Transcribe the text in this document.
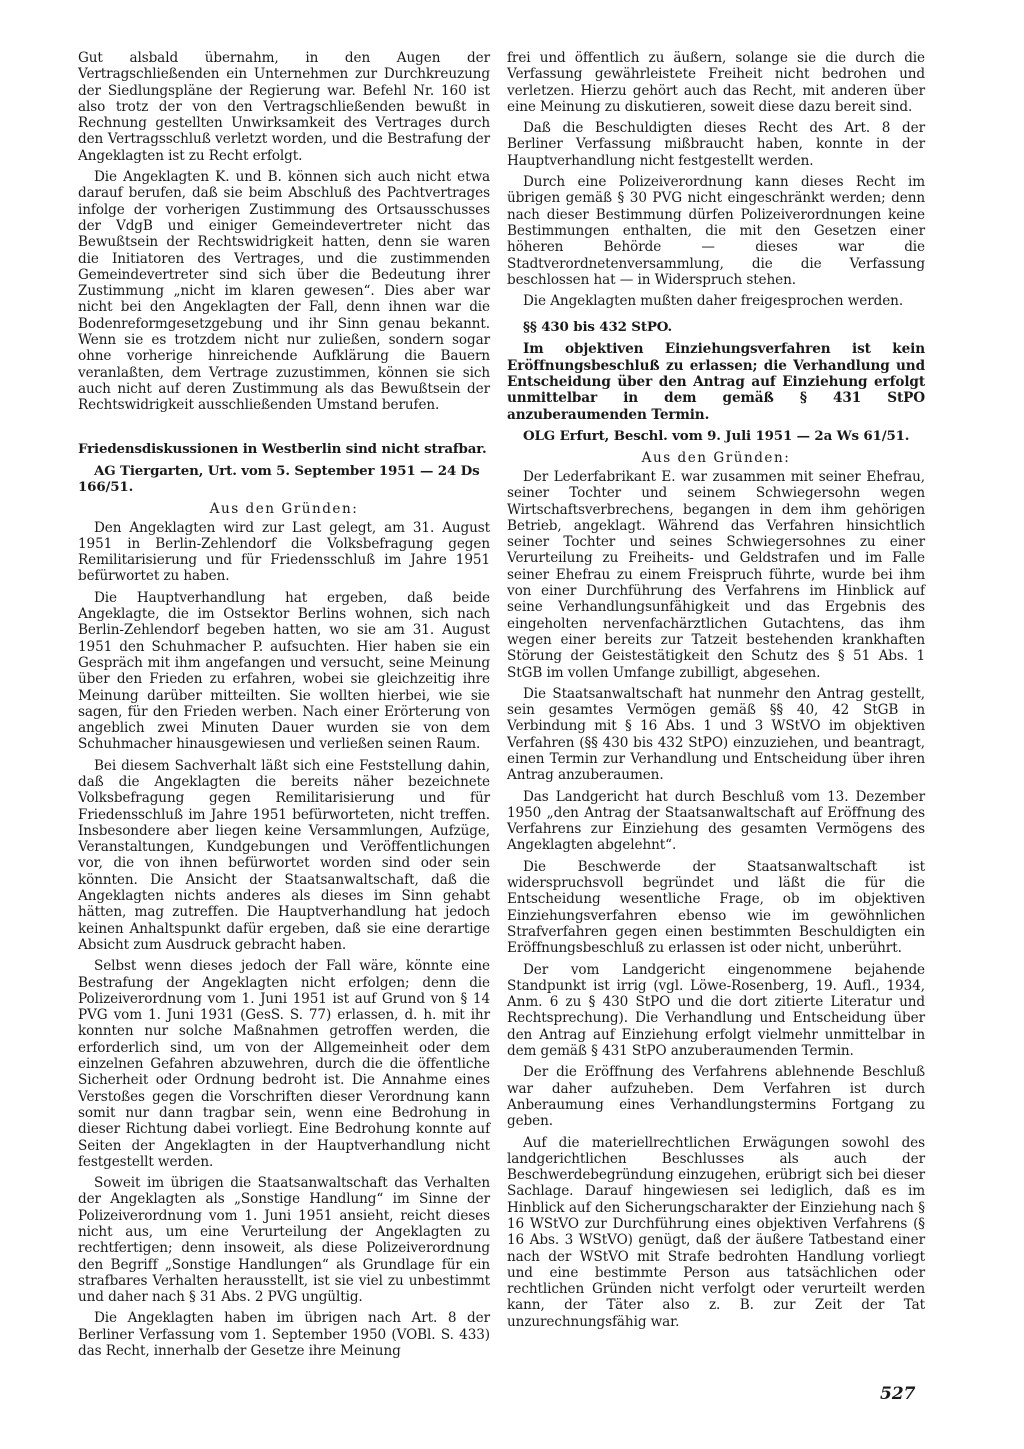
Gut alsbald übernahm, in den Augen der Vertragschließenden ein Unternehmen zur Durchkreuzung der Siedlungspläne der Regierung war. Befehl Nr. 160 ist also trotz der von den Vertragschließenden bewußt in Rechnung gestellten Unwirksamkeit des Vertrages durch den Vertragsschluß verletzt worden, und die Bestrafung der Angeklagten ist zu Recht erfolgt.

Die Angeklagten K. und B. können sich auch nicht etwa darauf berufen, daß sie beim Abschluß des Pachtvertrages infolge der vorherigen Zustimmung des Ortsausschusses der VdgB und einiger Gemeindevertreter nicht das Bewußtsein der Rechtswidrigkeit hatten, denn sie waren die Initiatoren des Vertrages, und die zustimmenden Gemeindevertreter sind sich über die Bedeutung ihrer Zustimmung „nicht im klaren gewesen“. Dies aber war nicht bei den Angeklagten der Fall, denn ihnen war die Bodenreformgesetzgebung und ihr Sinn genau bekannt. Wenn sie es trotzdem nicht nur zuließen, sondern sogar ohne vorherige hinreichende Aufklärung die Bauern veranlaßten, dem Vertrage zuzustimmen, können sie sich auch nicht auf deren Zustimmung als das Bewußtsein der Rechtswidrigkeit ausschließenden Umstand berufen.

Friedensdiskussionen in Westberlin sind nicht strafbar.
AG Tiergarten, Urt. vom 5. September 1951 — 24 Ds 166/51.
Aus den Gründen:

Den Angeklagten wird zur Last gelegt, am 31. August 1951 in Berlin-Zehlendorf die Volksbefragung gegen Remilitarisierung und für Friedensschluß im Jahre 1951 befürwortet zu haben.

Die Hauptverhandlung hat ergeben, daß beide Angeklagte, die im Ostsektor Berlins wohnen, sich nach Berlin-Zehlendorf begeben hatten, wo sie am 31. August 1951 den Schuhmacher P. aufsuchten. Hier haben sie ein Gespräch mit ihm angefangen und versucht, seine Meinung über den Frieden zu erfahren, wobei sie gleichzeitig ihre Meinung darüber mitteilten. Sie wollten hierbei, wie sie sagen, für den Frieden werben. Nach einer Erörterung von angeblich zwei Minuten Dauer wurden sie von dem Schuhmacher hinausgewiesen und verließen seinen Raum.

Bei diesem Sachverhalt läßt sich eine Feststellung dahin, daß die Angeklagten die bereits näher bezeichnete Volksbefragung gegen Remilitarisierung und für Friedensschluß im Jahre 1951 befürworteten, nicht treffen. Insbesondere aber liegen keine Versammlungen, Aufzüge, Veranstaltungen, Kundgebungen und Veröffentlichungen vor, die von ihnen befürwortet worden sind oder sein könnten. Die Ansicht der Staatsanwaltschaft, daß die Angeklagten nichts anderes als dieses im Sinn gehabt hätten, mag zutreffen. Die Hauptverhandlung hat jedoch keinen Anhaltspunkt dafür ergeben, daß sie eine derartige Absicht zum Ausdruck gebracht haben.

Selbst wenn dieses jedoch der Fall wäre, könnte eine Bestrafung der Angeklagten nicht erfolgen; denn die Polizeiverordnung vom 1. Juni 1951 ist auf Grund von § 14 PVG vom 1. Juni 1931 (GesS. S. 77) erlassen, d. h. mit ihr konnten nur solche Maßnahmen getroffen werden, die erforderlich sind, um von der Allgemeinheit oder dem einzelnen Gefahren abzuwehren, durch die die öffentliche Sicherheit oder Ordnung bedroht ist. Die Annahme eines Verstoßes gegen die Vorschriften dieser Verordnung kann somit nur dann tragbar sein, wenn eine Bedrohung in dieser Richtung dabei vorliegt. Eine Bedrohung konnte auf Seiten der Angeklagten in der Hauptverhandlung nicht festgestellt werden.

Soweit im übrigen die Staatsanwaltschaft das Verhalten der Angeklagten als „Sonstige Handlung“ im Sinne der Polizeiverordnung vom 1. Juni 1951 ansieht, reicht dieses nicht aus, um eine Verurteilung der Angeklagten zu rechtfertigen; denn insoweit, als diese Polizeiverordnung den Begriff „Sonstige Handlungen“ als Grundlage für ein strafbares Verhalten herausstellt, ist sie viel zu unbestimmt und daher nach § 31 Abs. 2 PVG ungültig.

Die Angeklagten haben im übrigen nach Art. 8 der Berliner Verfassung vom 1. September 1950 (VOBl. S. 433) das Recht, innerhalb der Gesetze ihre Meinung

frei und öffentlich zu äußern, solange sie die durch die Verfassung gewährleistete Freiheit nicht bedrohen und verletzen. Hierzu gehört auch das Recht, mit anderen über eine Meinung zu diskutieren, soweit diese dazu bereit sind.

Daß die Beschuldigten dieses Recht des Art. 8 der Berliner Verfassung mißbraucht haben, konnte in der Hauptverhandlung nicht festgestellt werden.

Durch eine Polizeiverordnung kann dieses Recht im übrigen gemäß § 30 PVG nicht eingeschränkt werden; denn nach dieser Bestimmung dürfen Polizeiverordnungen keine Bestimmungen enthalten, die mit den Gesetzen einer höheren Behörde — dieses war die Stadtverordnetenversammlung, die die Verfassung beschlossen hat — in Widerspruch stehen.

Die Angeklagten mußten daher freigesprochen werden.

§§ 430 bis 432 StPO.

Im objektiven Einziehungsverfahren ist kein Eröffnungsbeschluß zu erlassen; die Verhandlung und Entscheidung über den Antrag auf Einziehung erfolgt unmittelbar in dem gemäß § 431 StPO anzuberaumenden Termin.

OLG Erfurt, Beschl. vom 9. Juli 1951 — 2a Ws 61/51.
Aus den Gründen:

Der Lederfabrikant E. war zusammen mit seiner Ehefrau, seiner Tochter und seinem Schwiegersohn wegen Wirtschaftsverbrechens, begangen in dem ihm gehörigen Betrieb, angeklagt. Während das Verfahren hinsichtlich seiner Tochter und seines Schwiegersohnes zu einer Verurteilung zu Freiheits- und Geldstrafen und im Falle seiner Ehefrau zu einem Freispruch führte, wurde bei ihm von einer Durchführung des Verfahrens im Hinblick auf seine Verhandlungsunfähigkeit und das Ergebnis des eingeholten nervenfachärztlichen Gutachtens, das ihm wegen einer bereits zur Tatzeit bestehenden krankhaften Störung der Geistestätigkeit den Schutz des § 51 Abs. 1 StGB im vollen Umfange zubilligt, abgesehen.

Die Staatsanwaltschaft hat nunmehr den Antrag gestellt, sein gesamtes Vermögen gemäß §§ 40, 42 StGB in Verbindung mit § 16 Abs. 1 und 3 WStVO im objektiven Verfahren (§§ 430 bis 432 StPO) einzuziehen, und beantragt, einen Termin zur Verhandlung und Entscheidung über ihren Antrag anzuberaumen.

Das Landgericht hat durch Beschluß vom 13. Dezember 1950 „den Antrag der Staatsanwaltschaft auf Eröffnung des Verfahrens zur Einziehung des gesamten Vermögens des Angeklagten abgelehnt“.

Die Beschwerde der Staatsanwaltschaft ist widerspruchsvoll begründet und läßt die für die Entscheidung wesentliche Frage, ob im objektiven Einziehungsverfahren ebenso wie im gewöhnlichen Strafverfahren gegen einen bestimmten Beschuldigten ein Eröffnungsbeschluß zu erlassen ist oder nicht, unberührt.

Der vom Landgericht eingenommene bejahende Standpunkt ist irrig (vgl. Löwe-Rosenberg, 19. Aufl., 1934, Anm. 6 zu § 430 StPO und die dort zitierte Literatur und Rechtsprechung). Die Verhandlung und Entscheidung über den Antrag auf Einziehung erfolgt vielmehr unmittelbar in dem gemäß § 431 StPO anzuberaumenden Termin.

Der die Eröffnung des Verfahrens ablehnende Beschluß war daher aufzuheben. Dem Verfahren ist durch Anberaumung eines Verhandlungstermins Fortgang zu geben.

Auf die materiellrechtlichen Erwägungen sowohl des landgerichtlichen Beschlusses als auch der Beschwerdebegründung einzugehen, erübrigt sich bei dieser Sachlage. Darauf hingewiesen sei lediglich, daß es im Hinblick auf den Sicherungscharakter der Einziehung nach § 16 WStVO zur Durchführung eines objektiven Verfahrens (§ 16 Abs. 3 WStVO) genügt, daß der äußere Tatbestand einer nach der WStVO mit Strafe bedrohten Handlung vorliegt und eine bestimmte Person aus tatsächlichen oder rechtlichen Gründen nicht verfolgt oder verurteilt werden kann, der Täter also z. B. zur Zeit der Tat unzurechnungsfähig war.

527
